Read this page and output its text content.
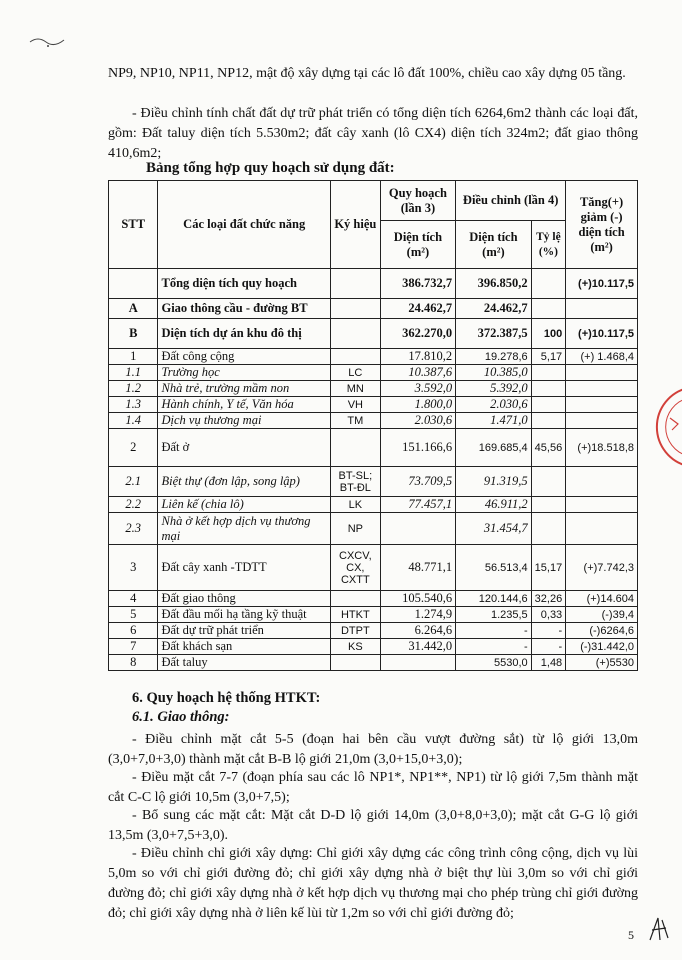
NP9, NP10, NP11, NP12, mật độ xây dựng tại các lô đất 100%, chiều cao xây dựng 05 tầng.

- Điều chỉnh tính chất đất dự trữ phát triển có tổng diện tích 6264,6m2 thành các loại đất, gồm: Đất taluy diện tích 5.530m2; đất cây xanh (lô CX4) diện tích 324m2; đất giao thông 410,6m2;

Bảng tổng hợp quy hoạch sử dụng đất:

STT	Các loại đất chức năng	Ký hiệu	Quy hoạch (lần 3)	Điều chỉnh (lần 4)		Tăng(+) giảm (-) diện tích (m²)
			Diện tích (m²)	Diện tích (m²)	Tỷ lệ (%)	
	Tổng diện tích quy hoạch		386.732,7	396.850,2		(+)10.117,5
A	Giao thông cầu - đường BT		24.462,7	24.462,7		
B	Diện tích dự án khu đô thị		362.270,0	372.387,5	100	(+)10.117,5
1	Đất công cộng		17.810,2	19.278,6	5,17	(+) 1.468,4
1.1	Trường học	LC	10.387,6	10.385,0		
1.2	Nhà trẻ, trường mầm non	MN	3.592,0	5.392,0		
1.3	Hành chính, Y tế, Văn hóa	VH	1.800,0	2.030,6		
1.4	Dịch vụ thương mại	TM	2.030,6	1.471,0		
2	Đất ở		151.166,6	169.685,4	45,56	(+)18.518,8
2.1	Biệt thự (đơn lập, song lập)	BT-SL; BT-ĐL	73.709,5	91.319,5		
2.2	Liên kế (chia lô)	LK	77.457,1	46.911,2		
2.3	Nhà ở kết hợp dịch vụ thương mại	NP		31.454,7		
3	Đất cây xanh -TDTT	CXCV, CX, CXTT	48.771,1	56.513,4	15,17	(+)7.742,3
4	Đất giao thông		105.540,6	120.144,6	32,26	(+)14.604
5	Đất đầu mối hạ tầng kỹ thuật	HTKT	1.274,9	1.235,5	0,33	(-)39,4
6	Đất dự trữ phát triển	DTPT	6.264,6	-	-	(-)6264,6
7	Đất khách sạn	KS	31.442,0	-	-	(-)31.442,0
8	Đất taluy			5530,0	1,48	(+)5530

6. Quy hoạch hệ thống HTKT:

6.1. Giao thông:

- Điều chỉnh mặt cắt 5-5 (đoạn hai bên cầu vượt đường sắt) từ lộ giới 13,0m (3,0+7,0+3,0) thành mặt cắt B-B lộ giới 21,0m (3,0+15,0+3,0);

- Điều mặt cắt 7-7 (đoạn phía sau các lô NP1*, NP1**, NP1) từ lộ giới 7,5m thành mặt cắt C-C lộ giới 10,5m (3,0+7,5);

- Bổ sung các mặt cắt: Mặt cắt D-D lộ giới 14,0m (3,0+8,0+3,0); mặt cắt G-G lộ giới 13,5m (3,0+7,5+3,0).

- Điều chỉnh chỉ giới xây dựng: Chỉ giới xây dựng các công trình công cộng, dịch vụ lùi 5,0m so với chỉ giới đường đỏ; chỉ giới xây dựng nhà ở biệt thự lùi 3,0m so với chỉ giới đường đỏ; chỉ giới xây dựng nhà ở kết hợp dịch vụ thương mại cho phép trùng chỉ giới đường đỏ; chỉ giới xây dựng nhà ở liên kế lùi từ 1,2m so với chỉ giới đường đỏ;

5
